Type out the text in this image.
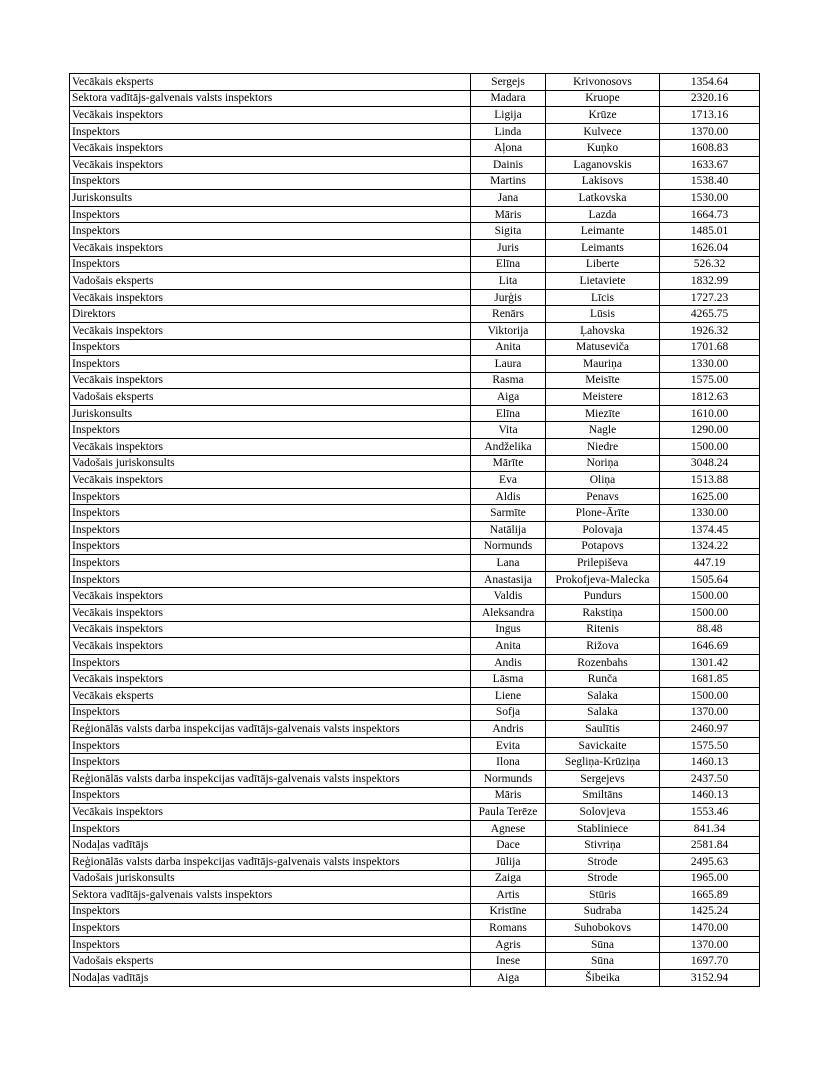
Vecākais eksperts	Sergejs	Krivonosovs	1354.64
Sektora vadītājs-galvenais valsts inspektors	Madara	Kruope	2320.16
Vecākais inspektors	Ligija	Krūze	1713.16
Inspektors	Linda	Kulvece	1370.00
Vecākais inspektors	Aļona	Kuņko	1608.83
Vecākais inspektors	Dainis	Laganovskis	1633.67
Inspektors	Martins	Lakisovs	1538.40
Juriskonsults	Jana	Latkovska	1530.00
Inspektors	Māris	Lazda	1664.73
Inspektors	Sigita	Leimante	1485.01
Vecākais inspektors	Juris	Leimants	1626.04
Inspektors	Elīna	Liberte	526.32
Vadošais eksperts	Lita	Lietaviete	1832.99
Vecākais inspektors	Jurģis	Līcis	1727.23
Direktors	Renārs	Lūsis	4265.75
Vecākais inspektors	Viktorija	Ļahovska	1926.32
Inspektors	Anita	Matuseviča	1701.68
Inspektors	Laura	Mauriņa	1330.00
Vecākais inspektors	Rasma	Meisīte	1575.00
Vadošais eksperts	Aiga	Meistere	1812.63
Juriskonsults	Elīna	Miezīte	1610.00
Inspektors	Vita	Nagle	1290.00
Vecākais inspektors	Andželika	Niedre	1500.00
Vadošais juriskonsults	Mārīte	Noriņa	3048.24
Vecākais inspektors	Eva	Oliņa	1513.88
Inspektors	Aldis	Penavs	1625.00
Inspektors	Sarmīte	Plone-Ārīte	1330.00
Inspektors	Natālija	Polovaja	1374.45
Inspektors	Normunds	Potapovs	1324.22
Inspektors	Lana	Prilepiševa	447.19
Inspektors	Anastasija	Prokofjeva-Malecka	1505.64
Vecākais inspektors	Valdis	Pundurs	1500.00
Vecākais inspektors	Aleksandra	Rakstiņa	1500.00
Vecākais inspektors	Ingus	Ritenis	88.48
Vecākais inspektors	Anita	Rižova	1646.69
Inspektors	Andis	Rozenbahs	1301.42
Vecākais inspektors	Lāsma	Runča	1681.85
Vecākais eksperts	Liene	Salaka	1500.00
Inspektors	Sofja	Salaka	1370.00
Reģionālās valsts darba inspekcijas vadītājs-galvenais valsts inspektors	Andris	Saulītis	2460.97
Inspektors	Evita	Savickaite	1575.50
Inspektors	Ilona	Segliņa-Krūziņa	1460.13
Reģionālās valsts darba inspekcijas vadītājs-galvenais valsts inspektors	Normunds	Sergejevs	2437.50
Inspektors	Māris	Smiltāns	1460.13
Vecākais inspektors	Paula Terēze	Solovjeva	1553.46
Inspektors	Agnese	Stabliniece	841.34
Nodaļas vadītājs	Dace	Stivriņa	2581.84
Reģionālās valsts darba inspekcijas vadītājs-galvenais valsts inspektors	Jūlija	Strode	2495.63
Vadošais juriskonsults	Zaiga	Strode	1965.00
Sektora vadītājs-galvenais valsts inspektors	Artis	Stūris	1665.89
Inspektors	Kristīne	Sudraba	1425.24
Inspektors	Romans	Suhobokovs	1470.00
Inspektors	Agris	Sūna	1370.00
Vadošais eksperts	Inese	Sūna	1697.70
Nodaļas vadītājs	Aiga	Šibeika	3152.94
